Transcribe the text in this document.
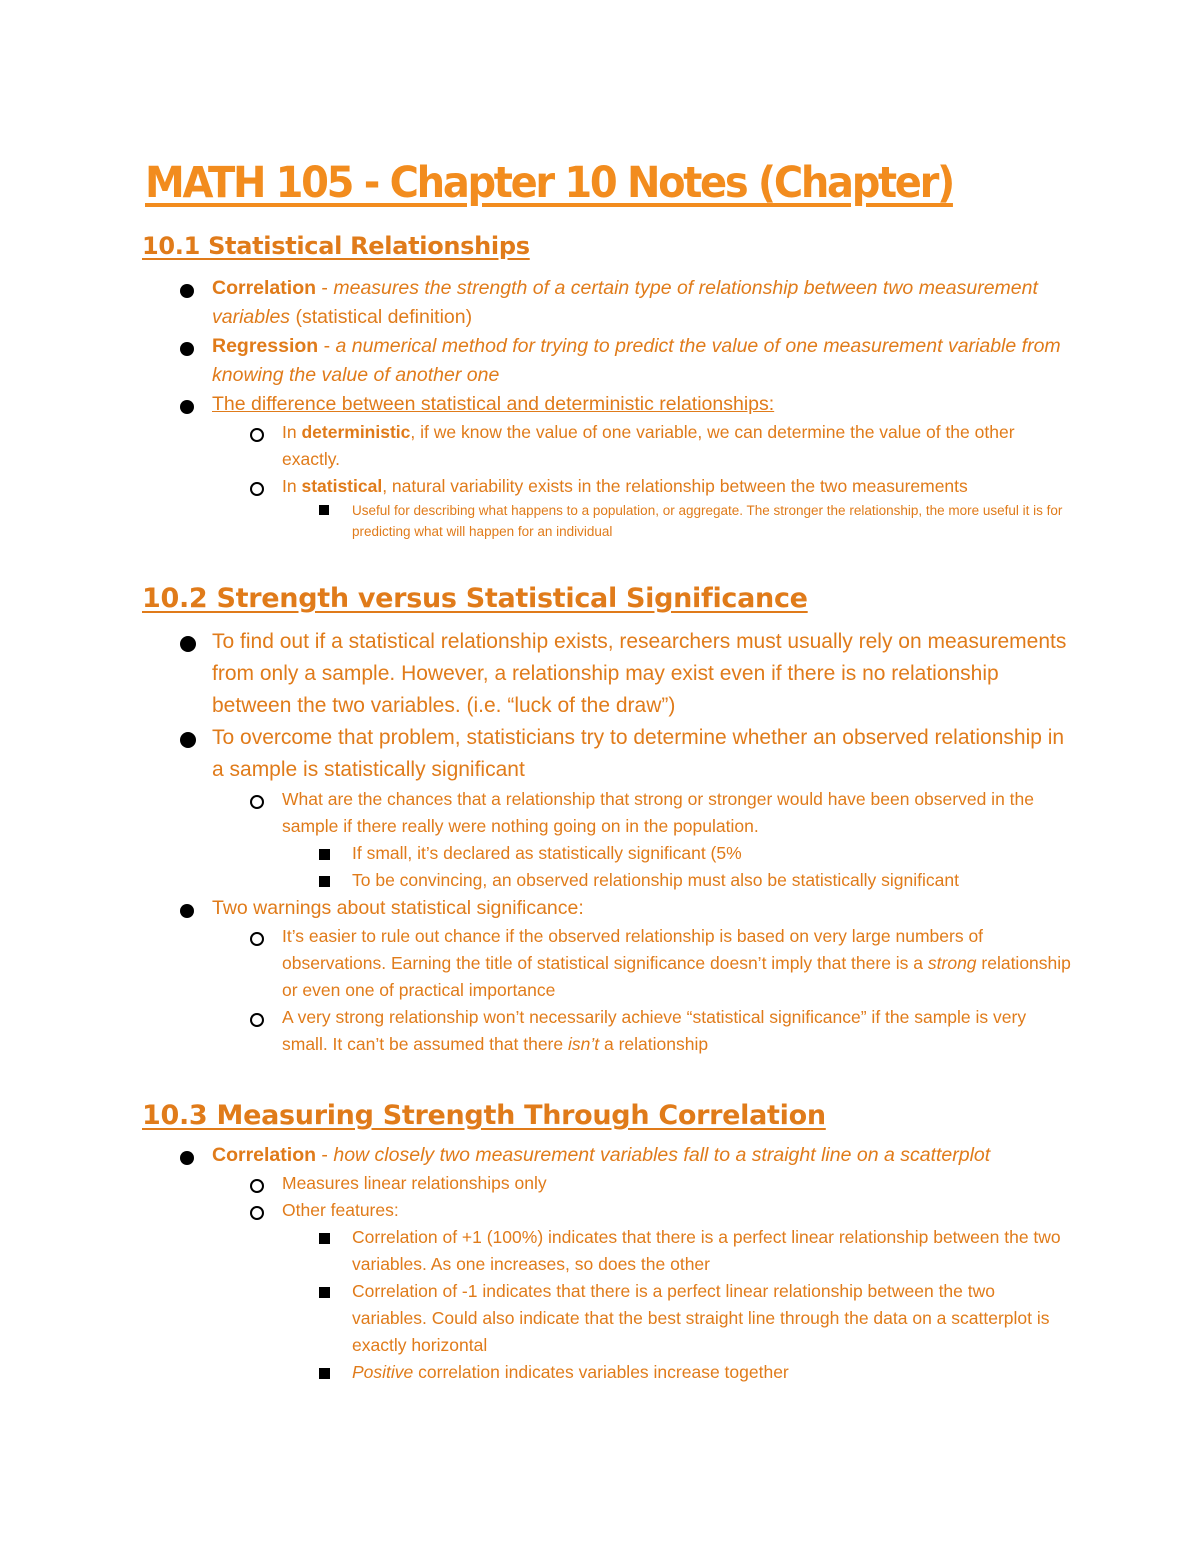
MATH 105 - Chapter 10 Notes (Chapter)
10.1 Statistical Relationships
Correlation - measures the strength of a certain type of relationship between two measurement variables (statistical definition)
Regression - a numerical method for trying to predict the value of one measurement variable from knowing the value of another one
The difference between statistical and deterministic relationships:
In deterministic, if we know the value of one variable, we can determine the value of the other exactly.
In statistical, natural variability exists in the relationship between the two measurements
Useful for describing what happens to a population, or aggregate. The stronger the relationship, the more useful it is for predicting what will happen for an individual
10.2 Strength versus Statistical Significance
To find out if a statistical relationship exists, researchers must usually rely on measurements from only a sample. However, a relationship may exist even if there is no relationship between the two variables. (i.e. “luck of the draw”)
To overcome that problem, statisticians try to determine whether an observed relationship in a sample is statistically significant
What are the chances that a relationship that strong or stronger would have been observed in the sample if there really were nothing going on in the population.
If small, it’s declared as statistically significant (5%
To be convincing, an observed relationship must also be statistically significant
Two warnings about statistical significance:
It’s easier to rule out chance if the observed relationship is based on very large numbers of observations. Earning the title of statistical significance doesn’t imply that there is a strong relationship or even one of practical importance
A very strong relationship won’t necessarily achieve “statistical significance” if the sample is very small. It can’t be assumed that there isn’t a relationship
10.3 Measuring Strength Through Correlation
Correlation - how closely two measurement variables fall to a straight line on a scatterplot
Measures linear relationships only
Other features:
Correlation of +1 (100%) indicates that there is a perfect linear relationship between the two variables. As one increases, so does the other
Correlation of -1 indicates that there is a perfect linear relationship between the two variables. Could also indicate that the best straight line through the data on a scatterplot is exactly horizontal
Positive correlation indicates variables increase together
